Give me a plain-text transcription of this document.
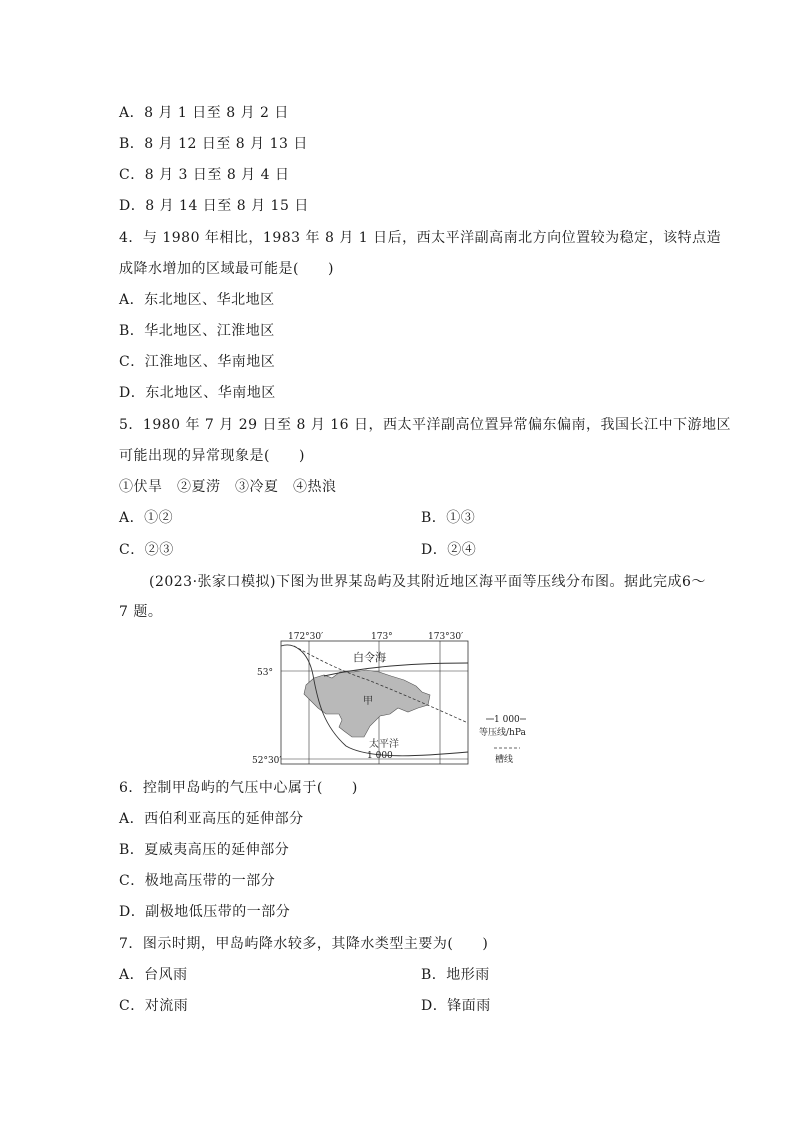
A．8 月 1 日至 8 月 2 日
B．8 月 12 日至 8 月 13 日
C．8 月 3 日至 8 月 4 日
D．8 月 14 日至 8 月 15 日
4．与 1980 年相比，1983 年 8 月 1 日后，西太平洋副高南北方向位置较为稳定，该特点造
成降水增加的区域最可能是(　　)
A．东北地区、华北地区
B．华北地区、江淮地区
C．江淮地区、华南地区
D．东北地区、华南地区
5．1980 年 7 月 29 日至 8 月 16 日，西太平洋副高位置异常偏东偏南，我国长江中下游地区
可能出现的异常现象是(　　)
①伏旱　②夏涝　③冷夏　④热浪
A．①②	B．①③
C．②③	D．②④
(2023·张家口模拟)下图为世界某岛屿及其附近地区海平面等压线分布图。据此完成6～
7 题。
172°30′	173°	173°30′
53°
52°30′
白令海
甲
太平洋
1 000
1 000
等压线/hPa
槽线
6．控制甲岛屿的气压中心属于(　　)
A．西伯利亚高压的延伸部分
B．夏威夷高压的延伸部分
C．极地高压带的一部分
D．副极地低压带的一部分
7．图示时期，甲岛屿降水较多，其降水类型主要为(　　)
A．台风雨	B．地形雨
C．对流雨	D．锋面雨
